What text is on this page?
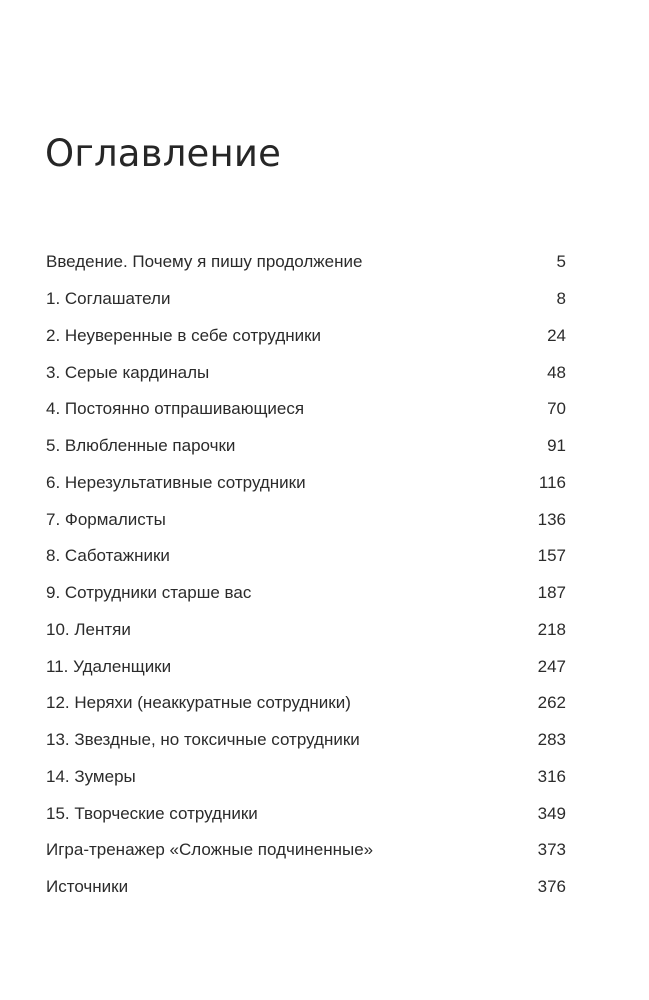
Оглавление
Введение. Почему я пишу продолжение	5
1. Соглашатели	8
2. Неуверенные в себе сотрудники	24
3. Серые кардиналы	48
4. Постоянно отпрашивающиеся	70
5. Влюбленные парочки	91
6. Нерезультативные сотрудники	116
7. Формалисты	136
8. Саботажники	157
9. Сотрудники старше вас	187
10. Лентяи	218
11. Удаленщики	247
12. Неряхи (неаккуратные сотрудники)	262
13. Звездные, но токсичные сотрудники	283
14. Зумеры	316
15. Творческие сотрудники	349
Игра-тренажер «Сложные подчиненные»	373
Источники	376
